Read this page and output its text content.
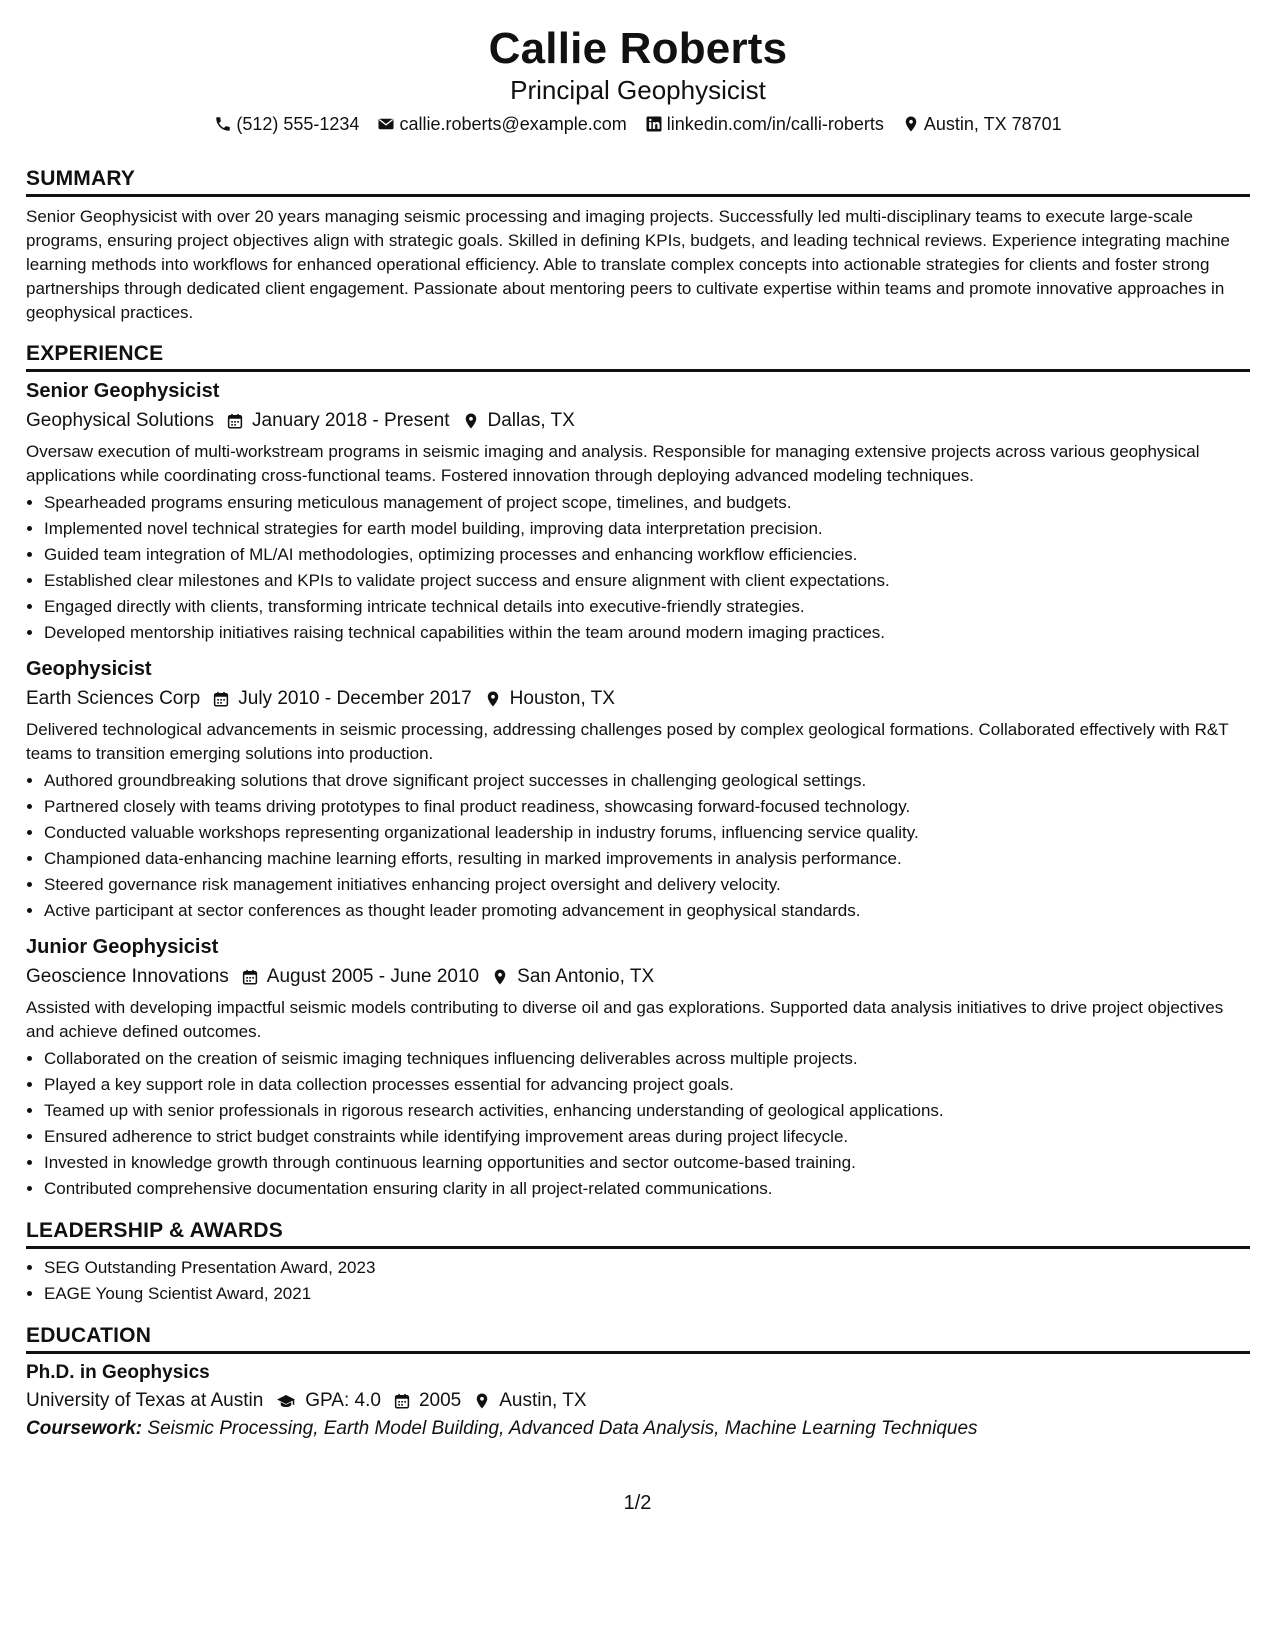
Callie Roberts
Principal Geophysicist
(512) 555-1234 callie.roberts@example.com linkedin.com/in/calli-roberts Austin, TX 78701
SUMMARY
Senior Geophysicist with over 20 years managing seismic processing and imaging projects. Successfully led multi-disciplinary teams to execute large-scale programs, ensuring project objectives align with strategic goals. Skilled in defining KPIs, budgets, and leading technical reviews. Experience integrating machine learning methods into workflows for enhanced operational efficiency. Able to translate complex concepts into actionable strategies for clients and foster strong partnerships through dedicated client engagement. Passionate about mentoring peers to cultivate expertise within teams and promote innovative approaches in geophysical practices.
EXPERIENCE
Senior Geophysicist
Geophysical Solutions January 2018 - Present Dallas, TX
Oversaw execution of multi-workstream programs in seismic imaging and analysis. Responsible for managing extensive projects across various geophysical applications while coordinating cross-functional teams. Fostered innovation through deploying advanced modeling techniques.
• Spearheaded programs ensuring meticulous management of project scope, timelines, and budgets.
• Implemented novel technical strategies for earth model building, improving data interpretation precision.
• Guided team integration of ML/AI methodologies, optimizing processes and enhancing workflow efficiencies.
• Established clear milestones and KPIs to validate project success and ensure alignment with client expectations.
• Engaged directly with clients, transforming intricate technical details into executive-friendly strategies.
• Developed mentorship initiatives raising technical capabilities within the team around modern imaging practices.
Geophysicist
Earth Sciences Corp July 2010 - December 2017 Houston, TX
Delivered technological advancements in seismic processing, addressing challenges posed by complex geological formations. Collaborated effectively with R&T teams to transition emerging solutions into production.
• Authored groundbreaking solutions that drove significant project successes in challenging geological settings.
• Partnered closely with teams driving prototypes to final product readiness, showcasing forward-focused technology.
• Conducted valuable workshops representing organizational leadership in industry forums, influencing service quality.
• Championed data-enhancing machine learning efforts, resulting in marked improvements in analysis performance.
• Steered governance risk management initiatives enhancing project oversight and delivery velocity.
• Active participant at sector conferences as thought leader promoting advancement in geophysical standards.
Junior Geophysicist
Geoscience Innovations August 2005 - June 2010 San Antonio, TX
Assisted with developing impactful seismic models contributing to diverse oil and gas explorations. Supported data analysis initiatives to drive project objectives and achieve defined outcomes.
• Collaborated on the creation of seismic imaging techniques influencing deliverables across multiple projects.
• Played a key support role in data collection processes essential for advancing project goals.
• Teamed up with senior professionals in rigorous research activities, enhancing understanding of geological applications.
• Ensured adherence to strict budget constraints while identifying improvement areas during project lifecycle.
• Invested in knowledge growth through continuous learning opportunities and sector outcome-based training.
• Contributed comprehensive documentation ensuring clarity in all project-related communications.
LEADERSHIP & AWARDS
• SEG Outstanding Presentation Award, 2023
• EAGE Young Scientist Award, 2021
EDUCATION
Ph.D. in Geophysics
University of Texas at Austin GPA: 4.0 2005 Austin, TX
Coursework: Seismic Processing, Earth Model Building, Advanced Data Analysis, Machine Learning Techniques
1/2
